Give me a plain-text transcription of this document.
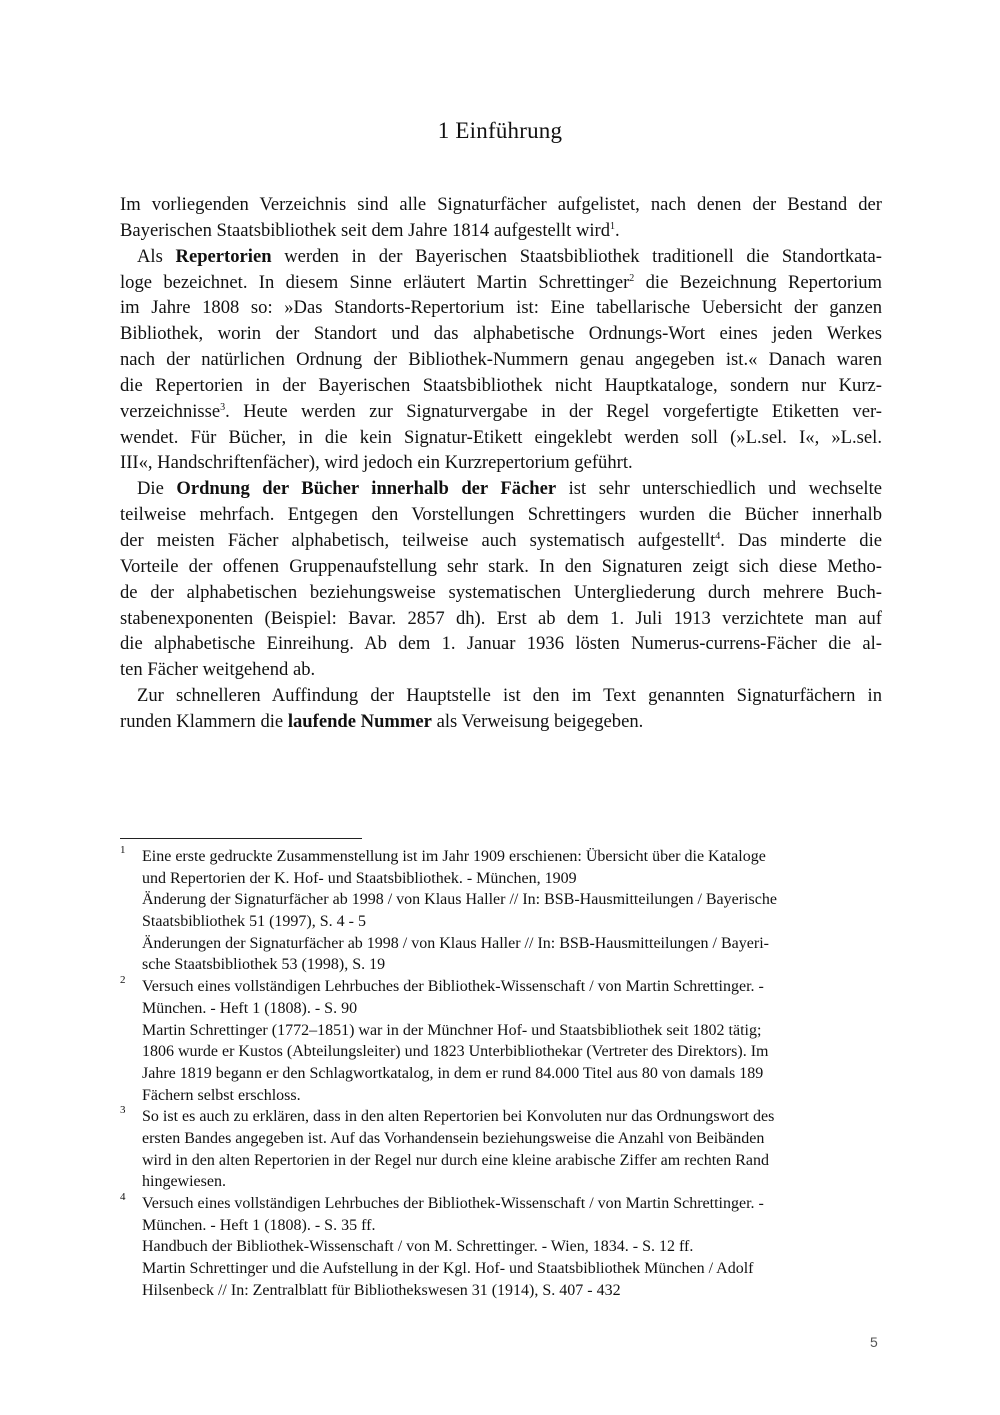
1 Einführung
Im vorliegenden Verzeichnis sind alle Signaturfächer aufgelistet, nach denen der Bestand der
Bayerischen Staatsbibliothek seit dem Jahre 1814 aufgestellt wird$^1$.
Als Repertorien werden in der Bayerischen Staatsbibliothek traditionell die Standortkata-
loge bezeichnet. In diesem Sinne erläutert Martin Schrettinger$^2$ die Bezeichnung Repertorium
im Jahre 1808 so: »Das Standorts-Repertorium ist: Eine tabellarische Uebersicht der ganzen
Bibliothek, worin der Standort und das alphabetische Ordnungs-Wort eines jeden Werkes
nach der natürlichen Ordnung der Bibliothek-Nummern genau angegeben ist.« Danach waren
die Repertorien in der Bayerischen Staatsbibliothek nicht Hauptkataloge, sondern nur Kurz-
verzeichnisse$^3$. Heute werden zur Signaturvergabe in der Regel vorgefertigte Etiketten ver-
wendet. Für Bücher, in die kein Signatur-Etikett eingeklebt werden soll (»L.sel. I«, »L.sel.
III«, Handschriftenfächer), wird jedoch ein Kurzrepertorium geführt.
Die Ordnung der Bücher innerhalb der Fächer ist sehr unterschiedlich und wechselte
teilweise mehrfach. Entgegen den Vorstellungen Schrettingers wurden die Bücher innerhalb
der meisten Fächer alphabetisch, teilweise auch systematisch aufgestellt$^4$. Das minderte die
Vorteile der offenen Gruppenaufstellung sehr stark. In den Signaturen zeigt sich diese Metho-
de der alphabetischen beziehungsweise systematischen Untergliederung durch mehrere Buch-
stabenexponenten (Beispiel: Bavar. 2857 dh). Erst ab dem 1. Juli 1913 verzichtete man auf
die alphabetische Einreihung. Ab dem 1. Januar 1936 lösten Numerus-currens-Fächer die al-
ten Fächer weitgehend ab.
Zur schnelleren Auffindung der Hauptstelle ist den im Text genannten Signaturfächern in
runden Klammern die laufende Nummer als Verweisung beigegeben.
1 Eine erste gedruckte Zusammenstellung ist im Jahr 1909 erschienen: Übersicht über die Kataloge
und Repertorien der K. Hof- und Staatsbibliothek. - München, 1909
Änderung der Signaturfächer ab 1998 / von Klaus Haller // In: BSB-Hausmitteilungen / Bayerische
Staatsbibliothek 51 (1997), S. 4 - 5
Änderungen der Signaturfächer ab 1998 / von Klaus Haller // In: BSB-Hausmitteilungen / Bayeri-
sche Staatsbibliothek 53 (1998), S. 19
2 Versuch eines vollständigen Lehrbuches der Bibliothek-Wissenschaft / von Martin Schrettinger. -
München. - Heft 1 (1808). - S. 90
Martin Schrettinger (1772–1851) war in der Münchner Hof- und Staatsbibliothek seit 1802 tätig;
1806 wurde er Kustos (Abteilungsleiter) und 1823 Unterbibliothekar (Vertreter des Direktors). Im
Jahre 1819 begann er den Schlagwortkatalog, in dem er rund 84.000 Titel aus 80 von damals 189
Fächern selbst erschloss.
3 So ist es auch zu erklären, dass in den alten Repertorien bei Konvoluten nur das Ordnungswort des
ersten Bandes angegeben ist. Auf das Vorhandensein beziehungsweise die Anzahl von Beibänden
wird in den alten Repertorien in der Regel nur durch eine kleine arabische Ziffer am rechten Rand
hingewiesen.
4 Versuch eines vollständigen Lehrbuches der Bibliothek-Wissenschaft / von Martin Schrettinger. -
München. - Heft 1 (1808). - S. 35 ff.
Handbuch der Bibliothek-Wissenschaft / von M. Schrettinger. - Wien, 1834. - S. 12 ff.
Martin Schrettinger und die Aufstellung in der Kgl. Hof- und Staatsbibliothek München / Adolf
Hilsenbeck // In: Zentralblatt für Bibliothekswesen 31 (1914), S. 407 - 432
5
